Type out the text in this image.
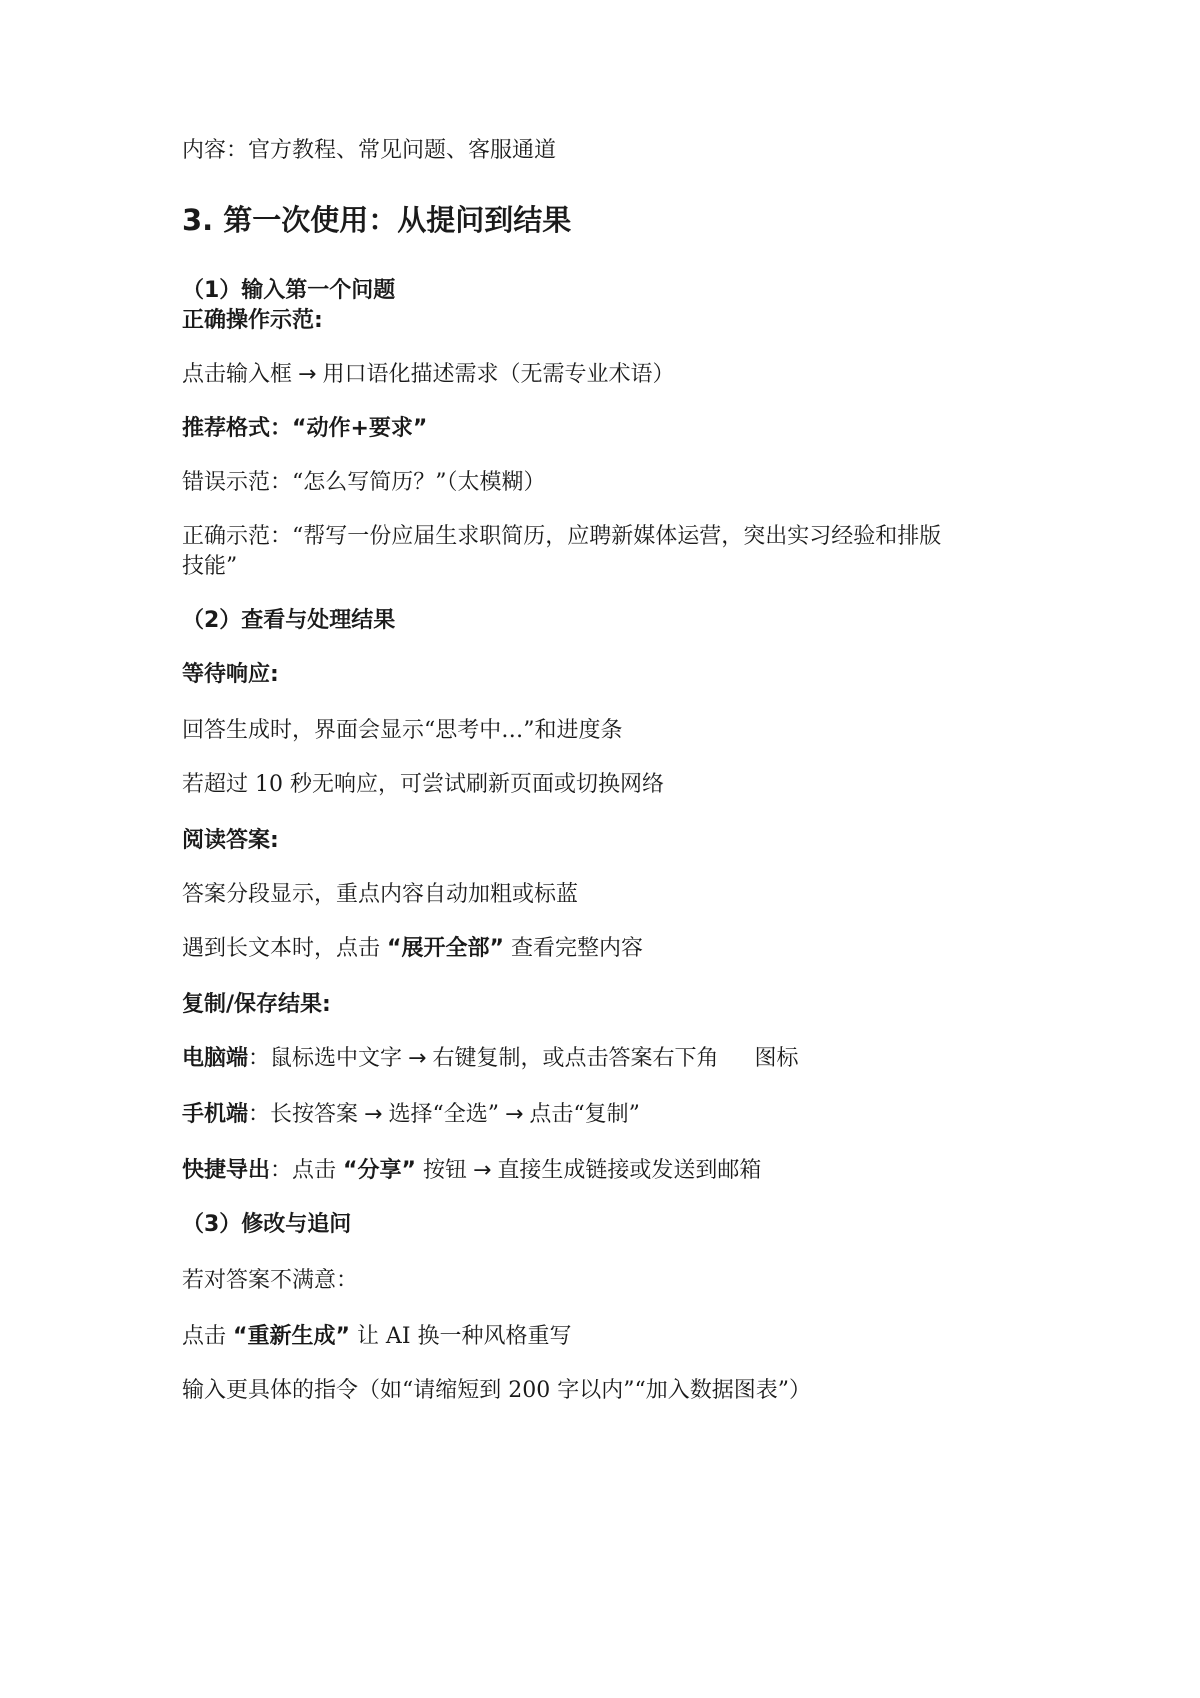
内容：官方教程、常见问题、客服通道
3. 第一次使用：从提问到结果
（1）输入第一个问题
正确操作示范:
点击输入框 → 用口语化描述需求（无需专业术语）
推荐格式：“动作+要求”
错误示范：“怎么写简历？”（太模糊）
正确示范：“帮写一份应届生求职简历，应聘新媒体运营，突出实习经验和排版
技能”
（2）查看与处理结果
等待响应:
回答生成时，界面会显示“思考中…”和进度条
若超过 10 秒无响应，可尝试刷新页面或切换网络
阅读答案:
答案分段显示，重点内容自动加粗或标蓝
遇到长文本时，点击 “展开全部” 查看完整内容
复制/保存结果:
电脑端：鼠标选中文字 → 右键复制，或点击答案右下角 图标
手机端：长按答案 → 选择“全选” → 点击“复制”
快捷导出：点击 “分享” 按钮 → 直接生成链接或发送到邮箱
（3）修改与追问
若对答案不满意：
点击 “重新生成” 让 AI 换一种风格重写
输入更具体的指令（如“请缩短到 200 字以内”“加入数据图表”）
